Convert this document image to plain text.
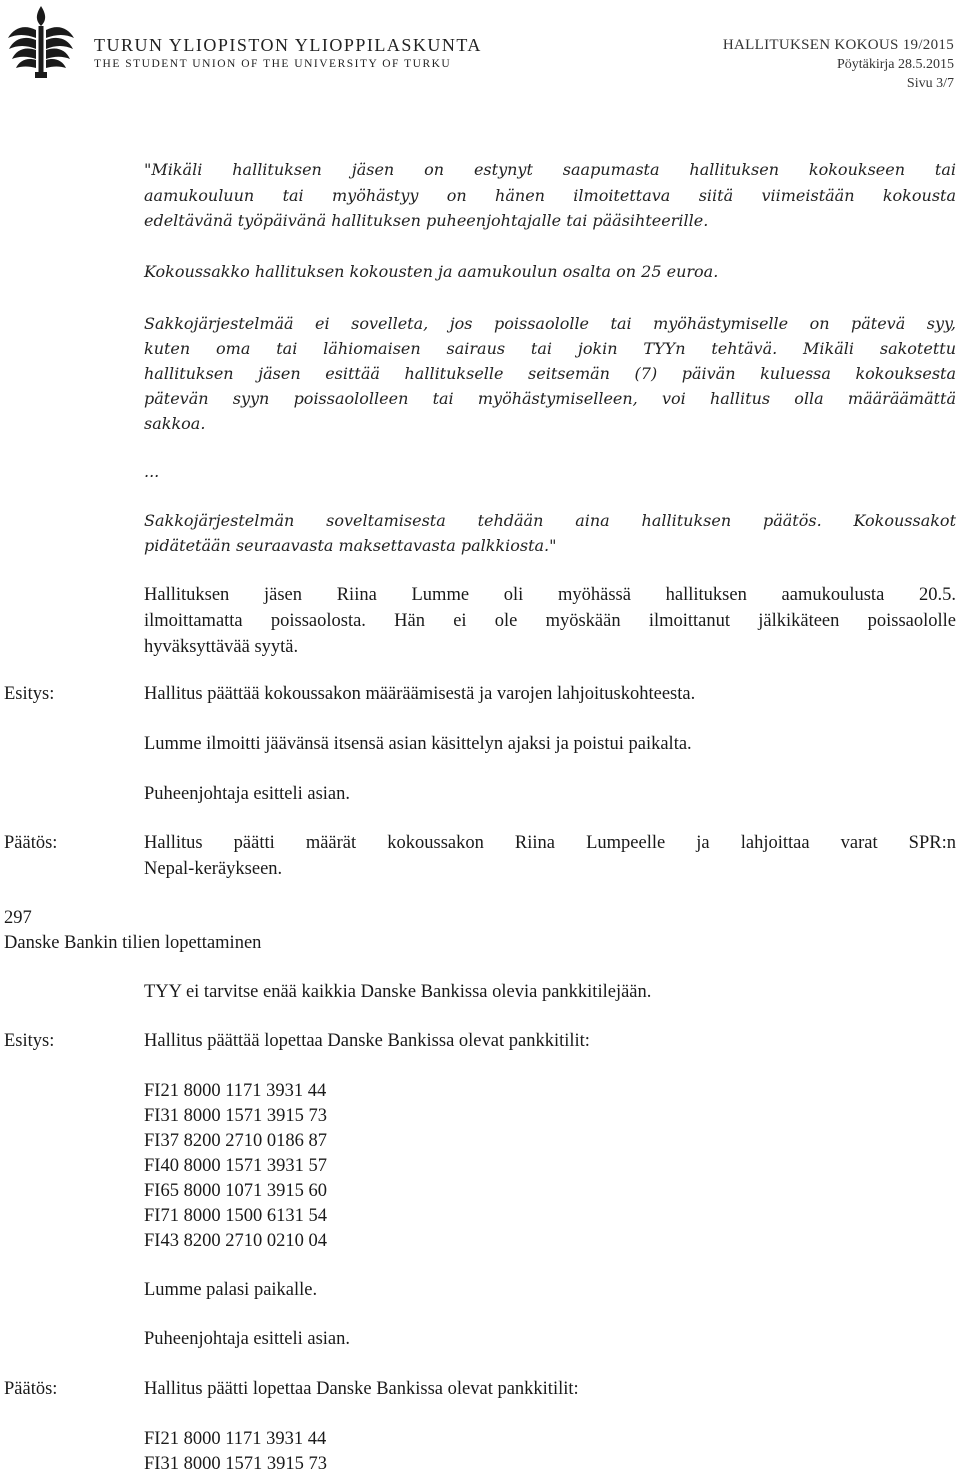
TURUN YLIOPISTON YLIOPPILASKUNTA
THE STUDENT UNION OF THE UNIVERSITY OF TURKU
HALLITUKSEN KOKOUS 19/2015
Pöytäkirja 28.5.2015
Sivu 3/7
"Mikäli hallituksen jäsen on estynyt saapumasta hallituksen kokoukseen tai
aamukouluun tai myöhästyy on hänen ilmoitettava siitä viimeistään kokousta
edeltävänä työpäivänä hallituksen puheenjohtajalle tai pääsihteerille.
Kokoussakko hallituksen kokousten ja aamukoulun osalta on 25 euroa.
Sakkojärjestelmää ei sovelleta, jos poissaololle tai myöhästymiselle on pätevä syy,
kuten oma tai lähiomaisen sairaus tai jokin TYYn tehtävä. Mikäli sakotettu
hallituksen jäsen esittää hallitukselle seitsemän (7) päivän kuluessa kokouksesta
pätevän syyn poissaololleen tai myöhästymiselleen, voi hallitus olla määräämättä
sakkoa.
...
Sakkojärjestelmän soveltamisesta tehdään aina hallituksen päätös. Kokoussakot
pidätetään seuraavasta maksettavasta palkkiosta."
Hallituksen jäsen Riina Lumme oli myöhässä hallituksen aamukoulusta 20.5.
ilmoittamatta poissaolosta. Hän ei ole myöskään ilmoittanut jälkikäteen poissaololle
hyväksyttävää syytä.
Esitys:	Hallitus päättää kokoussakon määräämisestä ja varojen lahjoituskohteesta.
Lumme ilmoitti jäävänsä itsensä asian käsittelyn ajaksi ja poistui paikalta.
Puheenjohtaja esitteli asian.
Päätös:	Hallitus päätti määrät kokoussakon Riina Lumpeelle ja lahjoittaa varat SPR:n
Nepal-keräykseen.
297
Danske Bankin tilien lopettaminen
TYY ei tarvitse enää kaikkia Danske Bankissa olevia pankkitilejään.
Esitys:	Hallitus päättää lopettaa Danske Bankissa olevat pankkitilit:
FI21 8000 1171 3931 44
FI31 8000 1571 3915 73
FI37 8200 2710 0186 87
FI40 8000 1571 3931 57
FI65 8000 1071 3915 60
FI71 8000 1500 6131 54
FI43 8200 2710 0210 04
Lumme palasi paikalle.
Puheenjohtaja esitteli asian.
Päätös:	Hallitus päätti lopettaa Danske Bankissa olevat pankkitilit:
FI21 8000 1171 3931 44
FI31 8000 1571 3915 73
